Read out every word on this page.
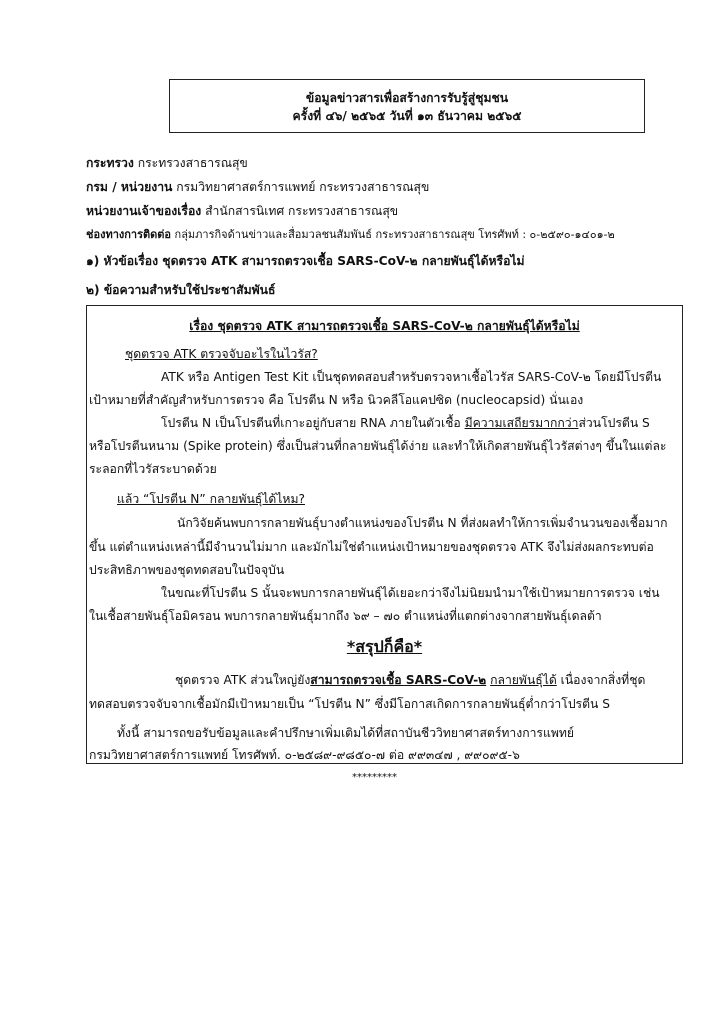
ข้อมูลข่าวสารเพื่อสร้างการรับรู้สู่ชุมชน
ครั้งที่ ๔๖/ ๒๕๖๕ วันที่ ๑๓ ธันวาคม ๒๕๖๕
กระทรวง กระทรวงสาธารณสุข
กรม / หน่วยงาน กรมวิทยาศาสตร์การแพทย์ กระทรวงสาธารณสุข
หน่วยงานเจ้าของเรื่อง สำนักสารนิเทศ กระทรวงสาธารณสุข
ช่องทางการติดต่อ กลุ่มภารกิจด้านข่าวและสื่อมวลชนสัมพันธ์ กระทรวงสาธารณสุข โทรศัพท์ : ๐-๒๕๙๐-๑๔๐๑-๒
๑) หัวข้อเรื่อง ชุดตรวจ ATK สามารถตรวจเชื้อ SARS-CoV-๒ กลายพันธุ์ได้หรือไม่
๒) ข้อความสำหรับใช้ประชาสัมพันธ์
เรื่อง ชุดตรวจ ATK สามารถตรวจเชื้อ SARS-CoV-๒ กลายพันธุ์ได้หรือไม่
ชุดตรวจ ATK ตรวจจับอะไรในไวรัส?
ATK หรือ Antigen Test Kit เป็นชุดทดสอบสำหรับตรวจหาเชื้อไวรัส SARS-CoV-๒ โดยมีโปรตีน
เป้าหมายที่สำคัญสำหรับการตรวจ คือ โปรตีน N หรือ นิวคลีโอแคปซิด (nucleocapsid) นั่นเอง
โปรตีน N เป็นโปรตีนที่เกาะอยู่กับสาย RNA ภายในตัวเชื้อ มีความเสถียรมากกว่าส่วนโปรตีน S
หรือโปรตีนหนาม (Spike protein) ซึ่งเป็นส่วนที่กลายพันธุ์ได้ง่าย และทำให้เกิดสายพันธุ์ไวรัสต่างๆ ขึ้นในแต่ละ
ระลอกที่ไวรัสระบาดด้วย
แล้ว “โปรตีน N” กลายพันธุ์ได้ไหม?
นักวิจัยค้นพบการกลายพันธุ์บางตำแหน่งของโปรตีน N ที่ส่งผลทำให้การเพิ่มจำนวนของเชื้อมาก
ขึ้น แต่ตำแหน่งเหล่านี้มีจำนวนไม่มาก และมักไม่ใช่ตำแหน่งเป้าหมายของชุดตรวจ ATK จึงไม่ส่งผลกระทบต่อ
ประสิทธิภาพของชุดทดสอบในปัจจุบัน
ในขณะที่โปรตีน S นั้นจะพบการกลายพันธุ์ได้เยอะกว่าจึงไม่นิยมนำมาใช้เป้าหมายการตรวจ เช่น
ในเชื้อสายพันธุ์โอมิครอน พบการกลายพันธุ์มากถึง ๖๙ – ๗๐ ตำแหน่งที่แตกต่างจากสายพันธุ์เดลต้า
*สรุปก็คือ*
ชุดตรวจ ATK ส่วนใหญ่ยังสามารถตรวจเชื้อ SARS-CoV-๒ กลายพันธุ์ได้ เนื่องจากสิ่งที่ชุด
ทดสอบตรวจจับจากเชื้อมักมีเป้าหมายเป็น “โปรตีน N” ซึ่งมีโอกาสเกิดการกลายพันธุ์ต่ำกว่าโปรตีน S
ทั้งนี้ สามารถขอรับข้อมูลและคำปรึกษาเพิ่มเติมได้ที่สถาบันชีววิทยาศาสตร์ทางการแพทย์
กรมวิทยาศาสตร์การแพทย์ โทรศัพท์. ๐-๒๕๘๙-๙๘๕๐-๗ ต่อ ๙๙๓๔๗ , ๙๙๐๙๕-๖
*********
